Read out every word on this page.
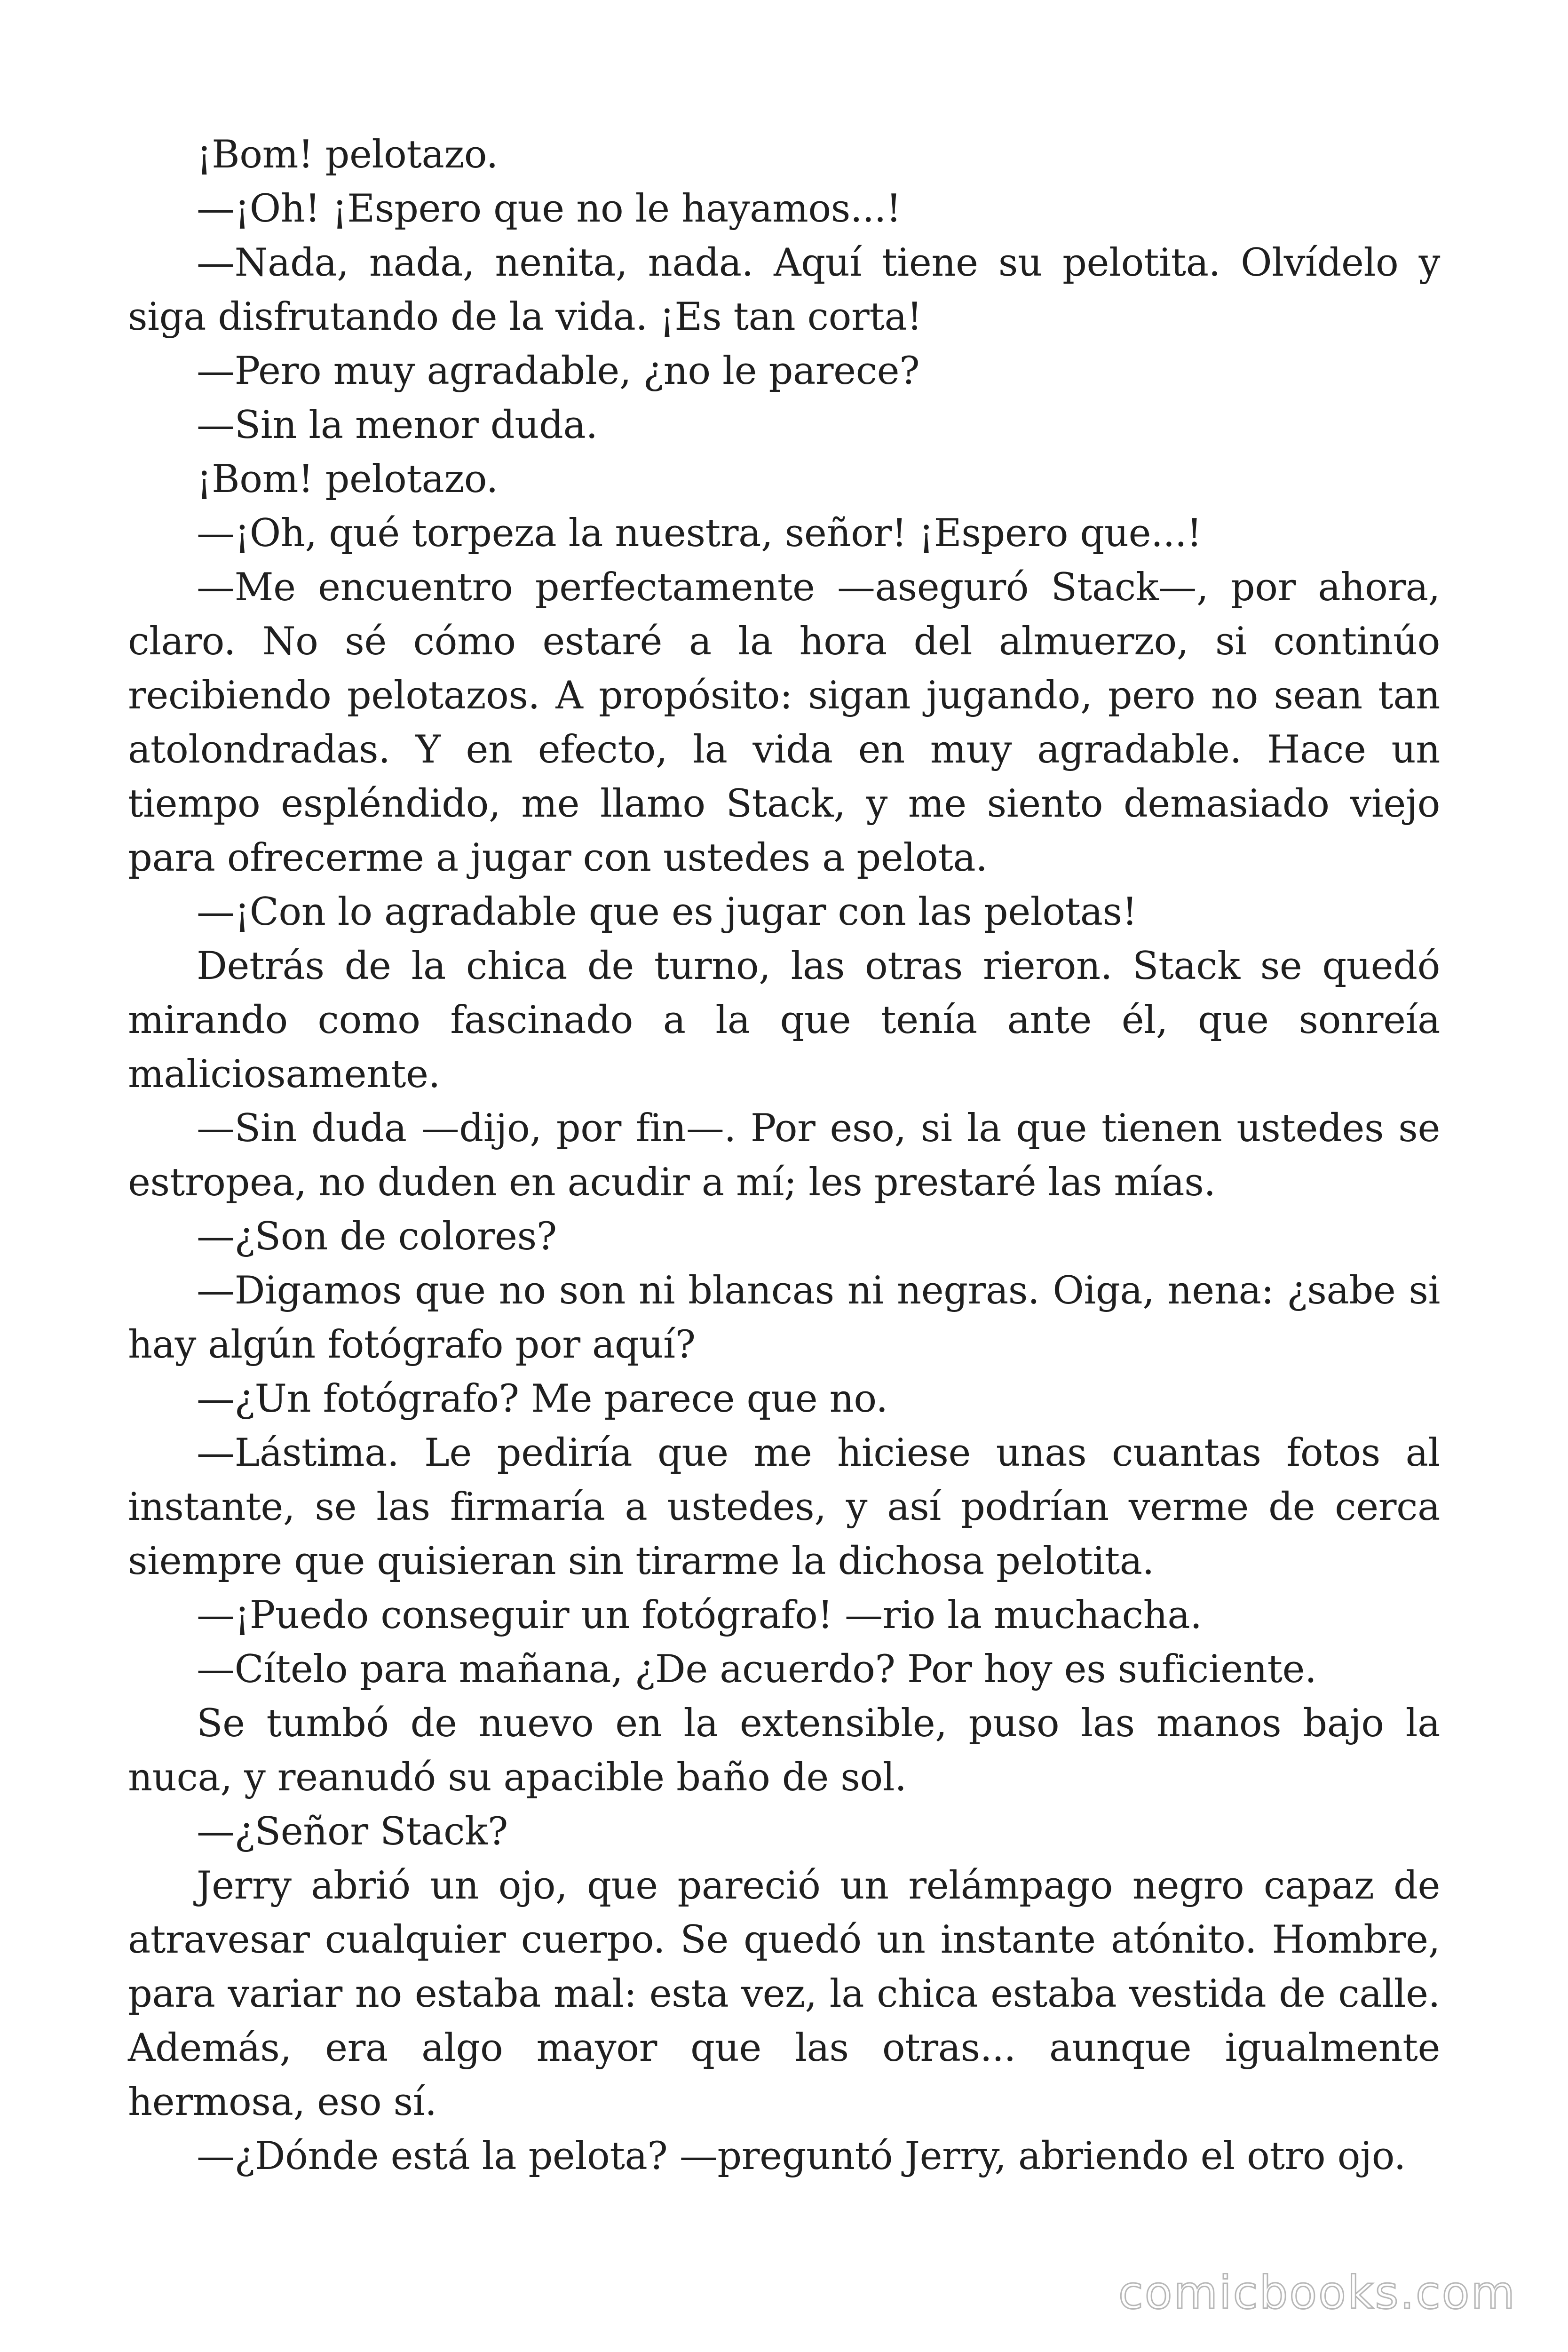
¡Bom! pelotazo.

—¡Oh! ¡Espero que no le hayamos...!

—Nada, nada, nenita, nada. Aquí tiene su pelotita. Olvídelo y siga disfrutando de la vida. ¡Es tan corta!

—Pero muy agradable, ¿no le parece?

—Sin la menor duda.

¡Bom! pelotazo.

—¡Oh, qué torpeza la nuestra, señor! ¡Espero que...!

—Me encuentro perfectamente —aseguró Stack—, por ahora, claro. No sé cómo estaré a la hora del almuerzo, si continúo recibiendo pelotazos. A propósito: sigan jugando, pero no sean tan atolondradas. Y en efecto, la vida en muy agradable. Hace un tiempo espléndido, me llamo Stack, y me siento demasiado viejo para ofrecerme a jugar con ustedes a pelota.

—¡Con lo agradable que es jugar con las pelotas!

Detrás de la chica de turno, las otras rieron. Stack se quedó mirando como fascinado a la que tenía ante él, que sonreía maliciosamente.

—Sin duda —dijo, por fin—. Por eso, si la que tienen ustedes se estropea, no duden en acudir a mí; les prestaré las mías.

—¿Son de colores?

—Digamos que no son ni blancas ni negras. Oiga, nena: ¿sabe si hay algún fotógrafo por aquí?

—¿Un fotógrafo? Me parece que no.

—Lástima. Le pediría que me hiciese unas cuantas fotos al instante, se las firmaría a ustedes, y así podrían verme de cerca siempre que quisieran sin tirarme la dichosa pelotita.

—¡Puedo conseguir un fotógrafo! —rio la muchacha.

—Cítelo para mañana, ¿De acuerdo? Por hoy es suficiente.

Se tumbó de nuevo en la extensible, puso las manos bajo la nuca, y reanudó su apacible baño de sol.

—¿Señor Stack?

Jerry abrió un ojo, que pareció un relámpago negro capaz de atravesar cualquier cuerpo. Se quedó un instante atónito. Hombre, para variar no estaba mal: esta vez, la chica estaba vestida de calle. Además, era algo mayor que las otras... aunque igualmente hermosa, eso sí.

—¿Dónde está la pelota? —preguntó Jerry, abriendo el otro ojo.

comicbooks.com
